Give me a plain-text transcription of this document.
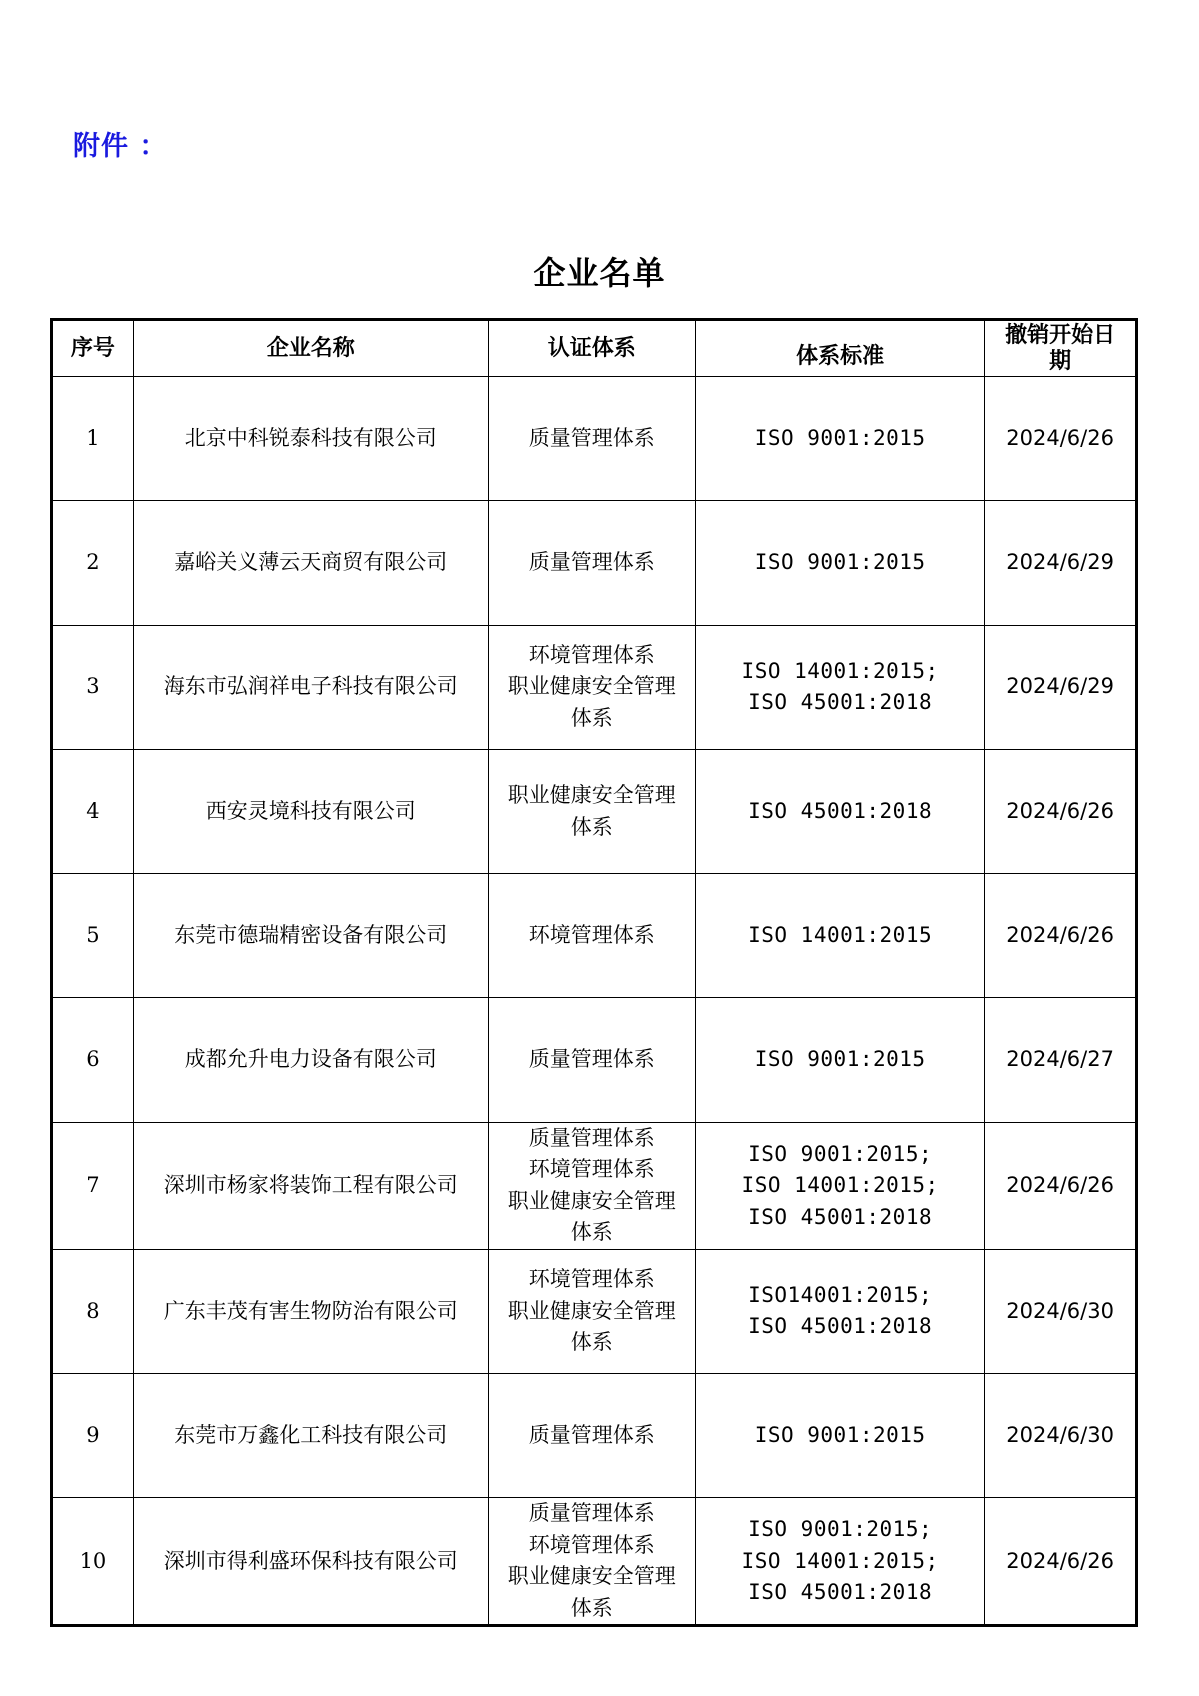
附件 ：
企业名单
序号	企业名称	认证体系	体系标准	撤销开始日
期

1	北京中科锐泰科技有限公司	质量管理体系	ISO 9001:2015	2024/6/26
2	嘉峪关义薄云天商贸有限公司	质量管理体系	ISO 9001:2015	2024/6/29
3	海东市弘润祥电子科技有限公司	环境管理体系
职业健康安全管理
体系	ISO 14001:2015;
ISO 45001:2018	2024/6/29
4	西安灵境科技有限公司	职业健康安全管理
体系	ISO 45001:2018	2024/6/26
5	东莞市德瑞精密设备有限公司	环境管理体系	ISO 14001:2015	2024/6/26
6	成都允升电力设备有限公司	质量管理体系	ISO 9001:2015	2024/6/27
7	深圳市杨家将装饰工程有限公司	质量管理体系
环境管理体系
职业健康安全管理
体系	ISO 9001:2015;
ISO 14001:2015;
ISO 45001:2018	2024/6/26
8	广东丰茂有害生物防治有限公司	环境管理体系
职业健康安全管理
体系	ISO14001:2015;
ISO 45001:2018	2024/6/30
9	东莞市万鑫化工科技有限公司	质量管理体系	ISO 9001:2015	2024/6/30
10	深圳市得利盛环保科技有限公司	质量管理体系
环境管理体系
职业健康安全管理
体系	ISO 9001:2015;
ISO 14001:2015;
ISO 45001:2018	2024/6/26
